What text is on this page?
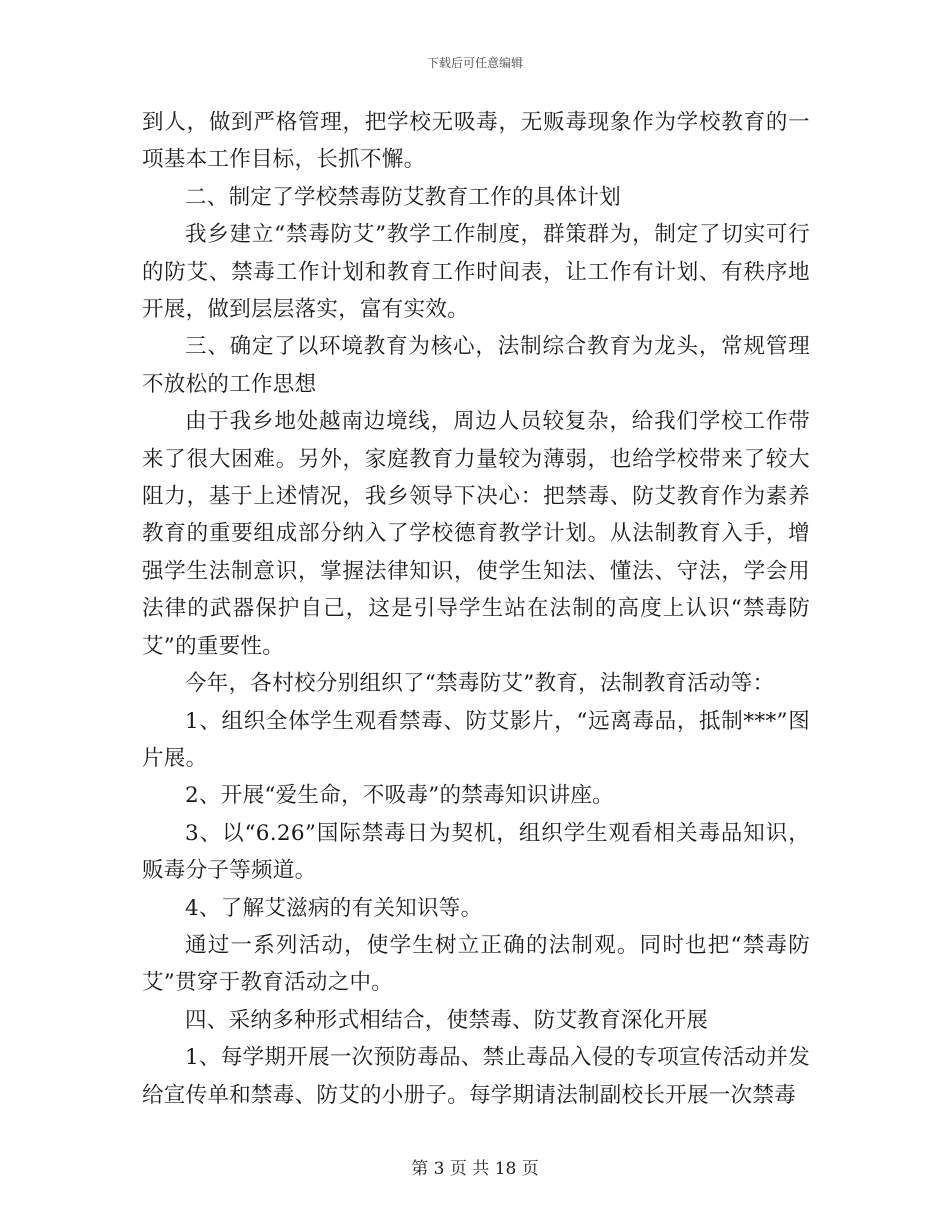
下载后可任意编辑

到人，做到严格管理，把学校无吸毒，无贩毒现象作为学校教育的一项基本工作目标，长抓不懈。

二、制定了学校禁毒防艾教育工作的具体计划

我乡建立“禁毒防艾”教学工作制度，群策群为，制定了切实可行的防艾、禁毒工作计划和教育工作时间表，让工作有计划、有秩序地开展，做到层层落实，富有实效。

三、确定了以环境教育为核心，法制综合教育为龙头，常规管理不放松的工作思想

由于我乡地处越南边境线，周边人员较复杂，给我们学校工作带来了很大困难。另外，家庭教育力量较为薄弱，也给学校带来了较大阻力，基于上述情况，我乡领导下决心：把禁毒、防艾教育作为素养教育的重要组成部分纳入了学校德育教学计划。从法制教育入手，增强学生法制意识，掌握法律知识，使学生知法、懂法、守法，学会用法律的武器保护自己，这是引导学生站在法制的高度上认识“禁毒防艾”的重要性。

今年，各村校分别组织了“禁毒防艾”教育，法制教育活动等：

1、组织全体学生观看禁毒、防艾影片，“远离毒品，抵制***”图片展。

2、开展“爱生命，不吸毒”的禁毒知识讲座。

3、以“6.26”国际禁毒日为契机，组织学生观看相关毒品知识，贩毒分子等频道。

4、了解艾滋病的有关知识等。

通过一系列活动，使学生树立正确的法制观。同时也把“禁毒防艾”贯穿于教育活动之中。

四、采纳多种形式相结合，使禁毒、防艾教育深化开展

1、每学期开展一次预防毒品、禁止毒品入侵的专项宣传活动并发给宣传单和禁毒、防艾的小册子。每学期请法制副校长开展一次禁毒

第 3 页 共 18 页
